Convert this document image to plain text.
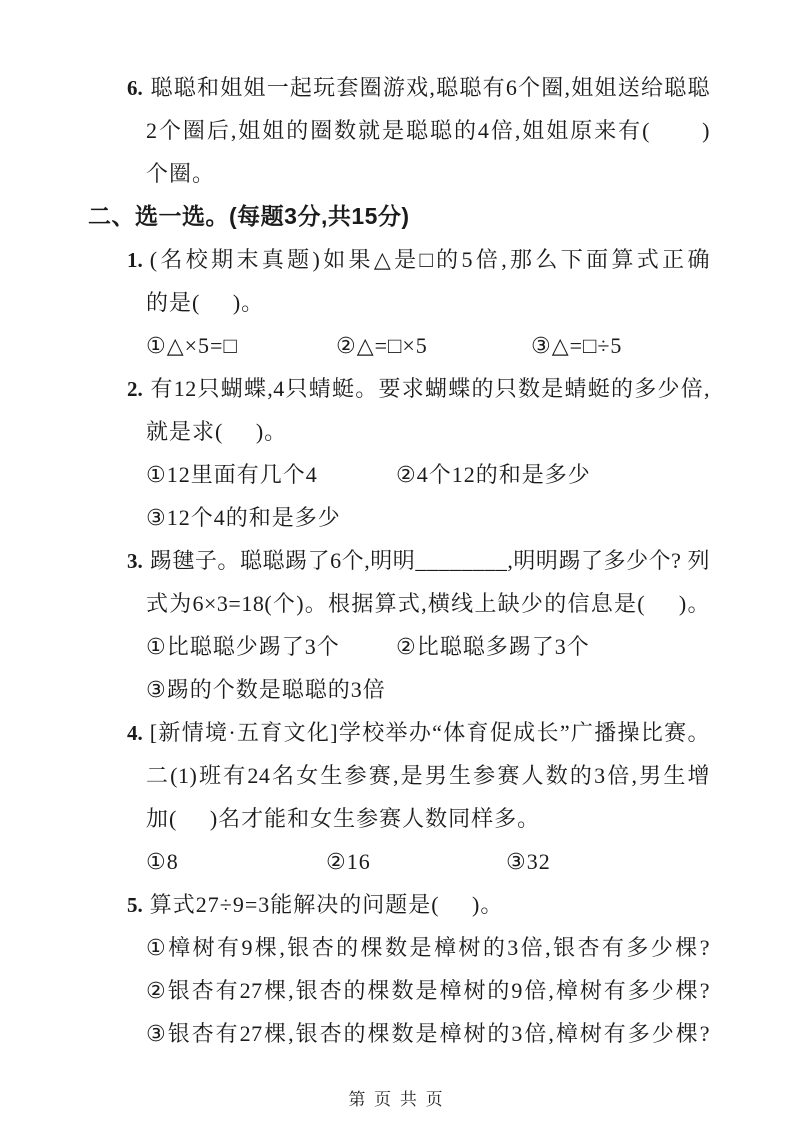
6. 聪聪和姐姐一起玩套圈游戏,聪聪有6个圈,姐姐送给聪聪
2个圈后,姐姐的圈数就是聪聪的4倍,姐姐原来有(       )
个圈。
二、选一选。(每题3分,共15分)
1. (名校期末真题)如果△是□的5倍,那么下面算式正确
的是(     )。
①△×5=□	②△=□×5	③△=□÷5
2. 有12只蝴蝶,4只蜻蜓。要求蝴蝶的只数是蜻蜓的多少倍,
就是求(     )。
①12里面有几个4	②4个12的和是多少
③12个4的和是多少
3. 踢毽子。聪聪踢了6个,明明________,明明踢了多少个? 列
式为6×3=18(个)。根据算式,横线上缺少的信息是(     )。
①比聪聪少踢了3个	②比聪聪多踢了3个
③踢的个数是聪聪的3倍
4. [新情境·五育文化]学校举办“体育促成长”广播操比赛。
二(1)班有24名女生参赛,是男生参赛人数的3倍,男生增
加(     )名才能和女生参赛人数同样多。
①8	②16	③32
5. 算式27÷9=3能解决的问题是(     )。
①樟树有9棵,银杏的棵数是樟树的3倍,银杏有多少棵?
②银杏有27棵,银杏的棵数是樟树的9倍,樟树有多少棵?
③银杏有27棵,银杏的棵数是樟树的3倍,樟树有多少棵?
第 页 共 页
